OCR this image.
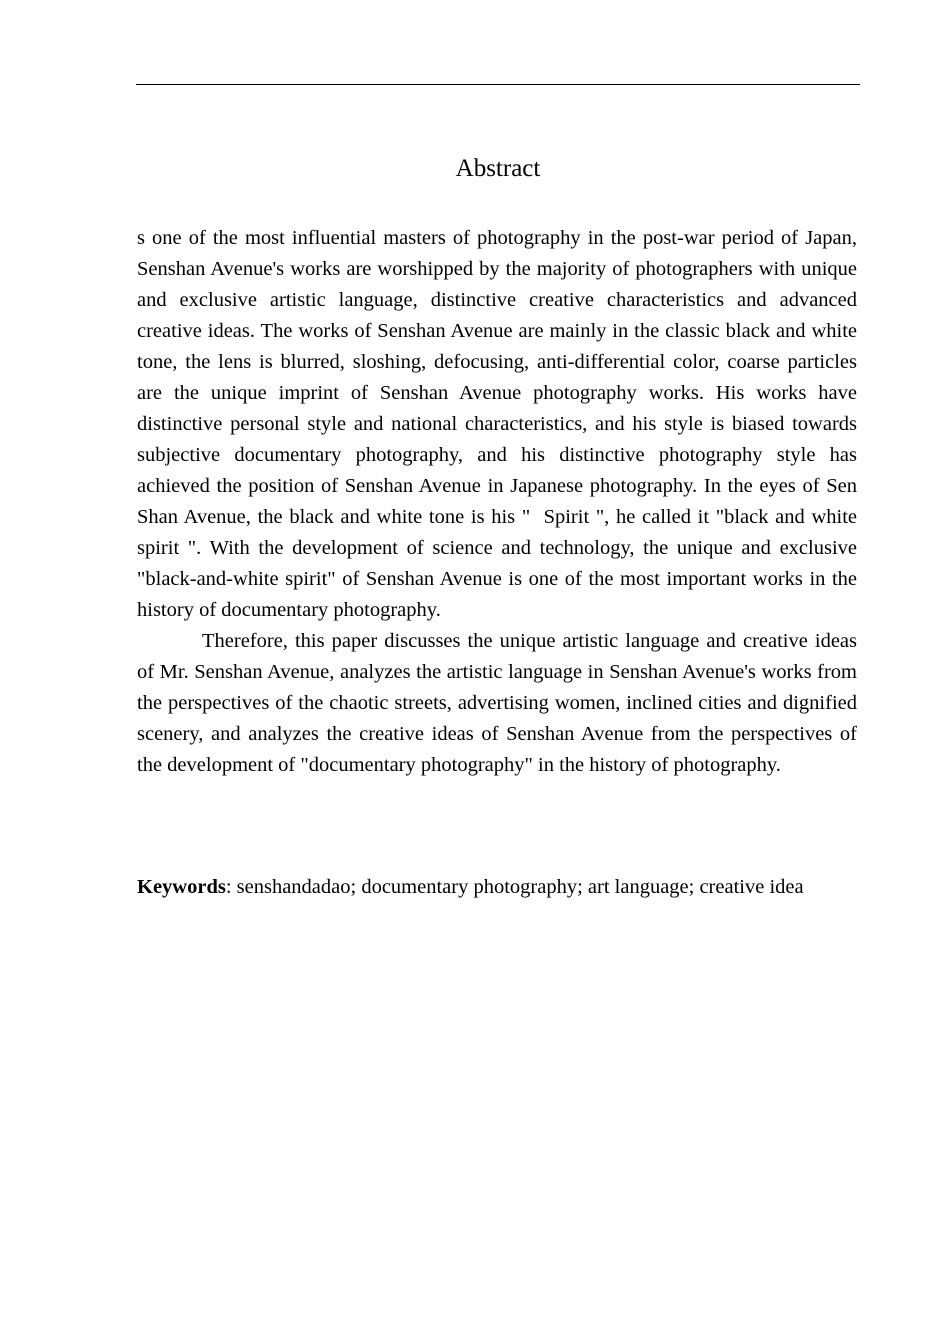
Abstract

s one of the most influential masters of photography in the post-war period of Japan, Senshan Avenue's works are worshipped by the majority of photographers with unique and exclusive artistic language, distinctive creative characteristics and advanced creative ideas. The works of Senshan Avenue are mainly in the classic black and white tone, the lens is blurred, sloshing, defocusing, anti-differential color, coarse particles are the unique imprint of Senshan Avenue photography works. His works have distinctive personal style and national characteristics, and his style is biased towards subjective documentary photography, and his distinctive photography style has achieved the position of Senshan Avenue in Japanese photography. In the eyes of Sen Shan Avenue, the black and white tone is his "  Spirit ", he called it "black and white spirit ". With the development of science and technology, the unique and exclusive "black-and-white spirit" of Senshan Avenue is one of the most important works in the history of documentary photography.

Therefore, this paper discusses the unique artistic language and creative ideas of Mr. Senshan Avenue, analyzes the artistic language in Senshan Avenue's works from the perspectives of the chaotic streets, advertising women, inclined cities and dignified scenery, and analyzes the creative ideas of Senshan Avenue from the perspectives of the development of "documentary photography" in the history of photography.

Keywords: senshandadao; documentary photography; art language; creative idea
